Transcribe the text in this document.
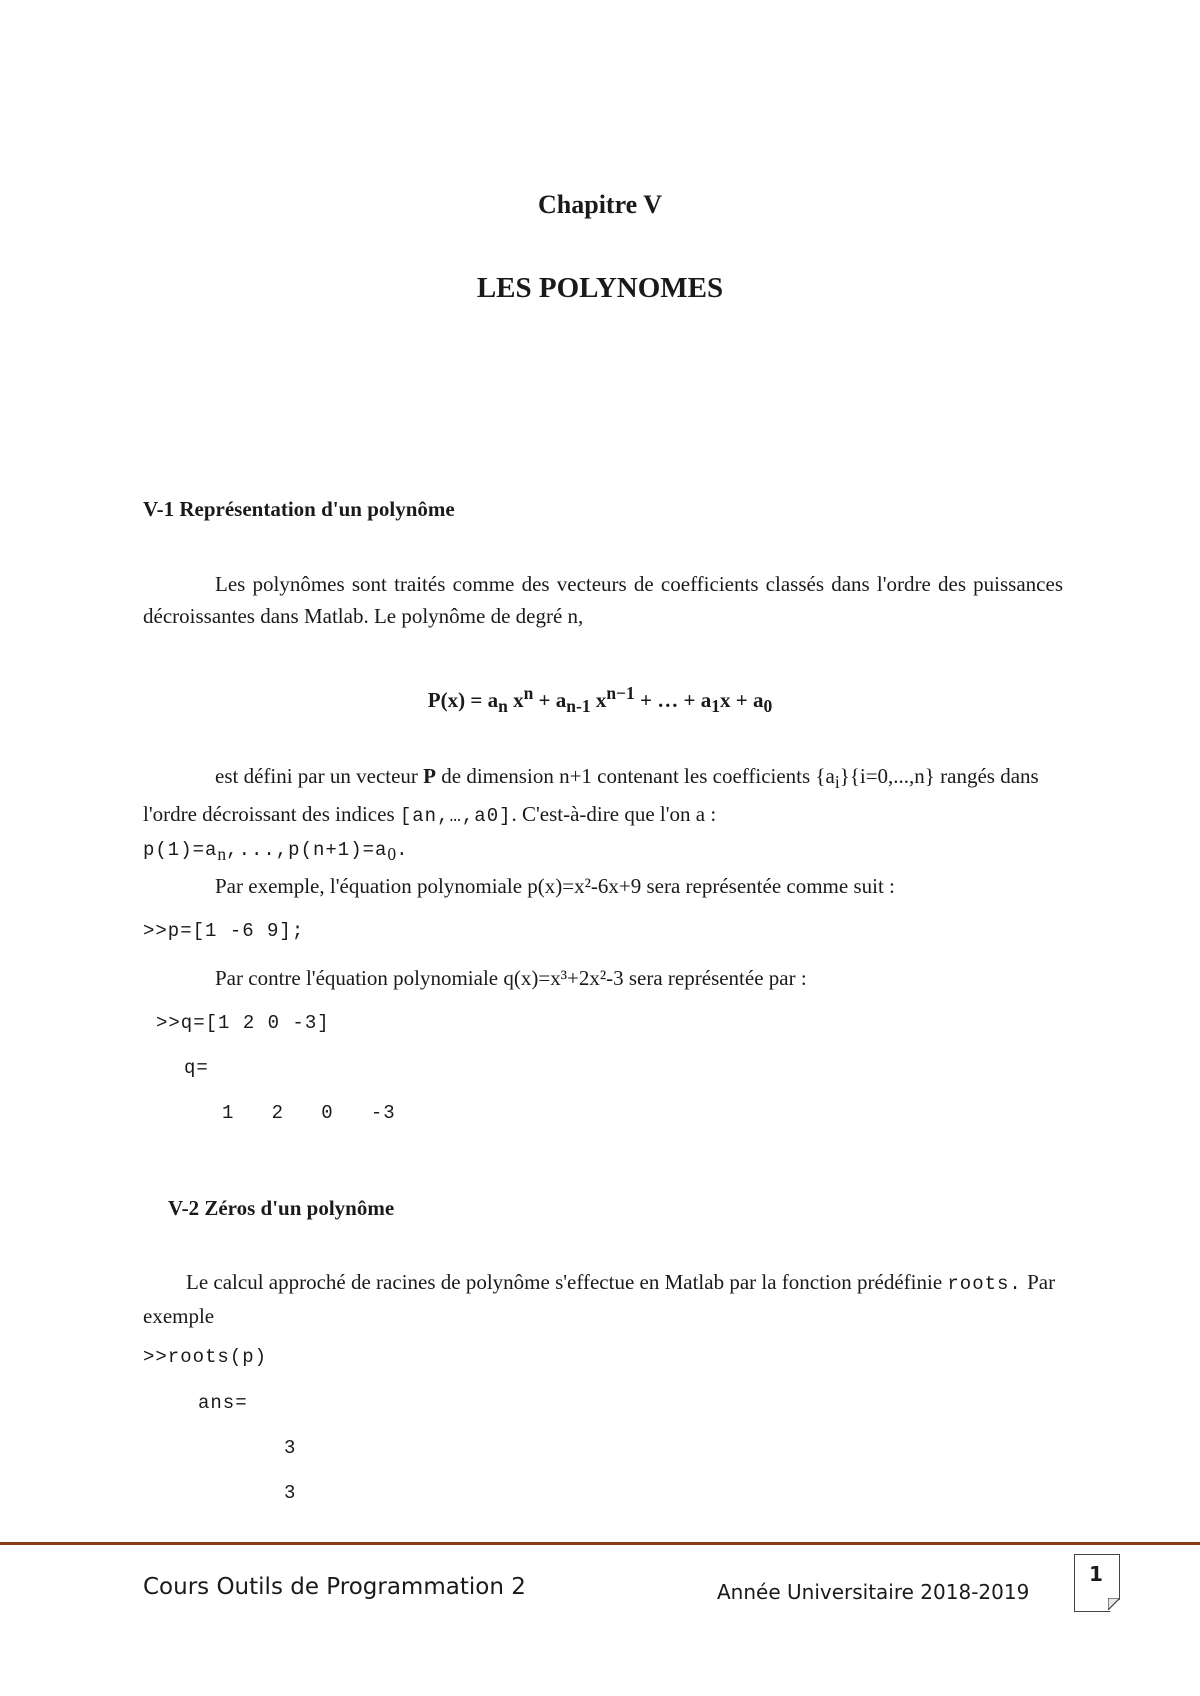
Chapitre V
LES POLYNOMES
V-1 Représentation d'un polynôme
Les polynômes sont traités comme des vecteurs de coefficients classés dans l'ordre des puissances décroissantes dans Matlab. Le polynôme de degré n,
$P(x) = a_n$ $x^n + a_{n-1}$ $x^{n-1}$ + … + $a_1x + a_0$
est défini par un vecteur P de dimension n+1 contenant les coefficients $\{a_i\}\{i=0,...,n\}$ rangés dans l'ordre décroissant des indices [an,…,a0]. C'est-à-dire que l'on a :
$p(1)=a_n,...,p(n+1)=a_0$.
Par exemple, l'équation polynomiale p(x)=x²-6x+9 sera représentée comme suit :
>>p=[1 -6 9];
Par contre l'équation polynomiale q(x)=x³+2x²-3 sera représentée par :
>>q=[1 2 0 -3]
q=
1   2   0   -3
V-2 Zéros d'un polynôme
Le calcul approché de racines de polynôme s'effectue en Matlab par la fonction prédéfinie roots. Par exemple
>>roots(p)
ans=
3
3
Cours Outils de Programmation 2	Année Universitaire 2018-2019
1
